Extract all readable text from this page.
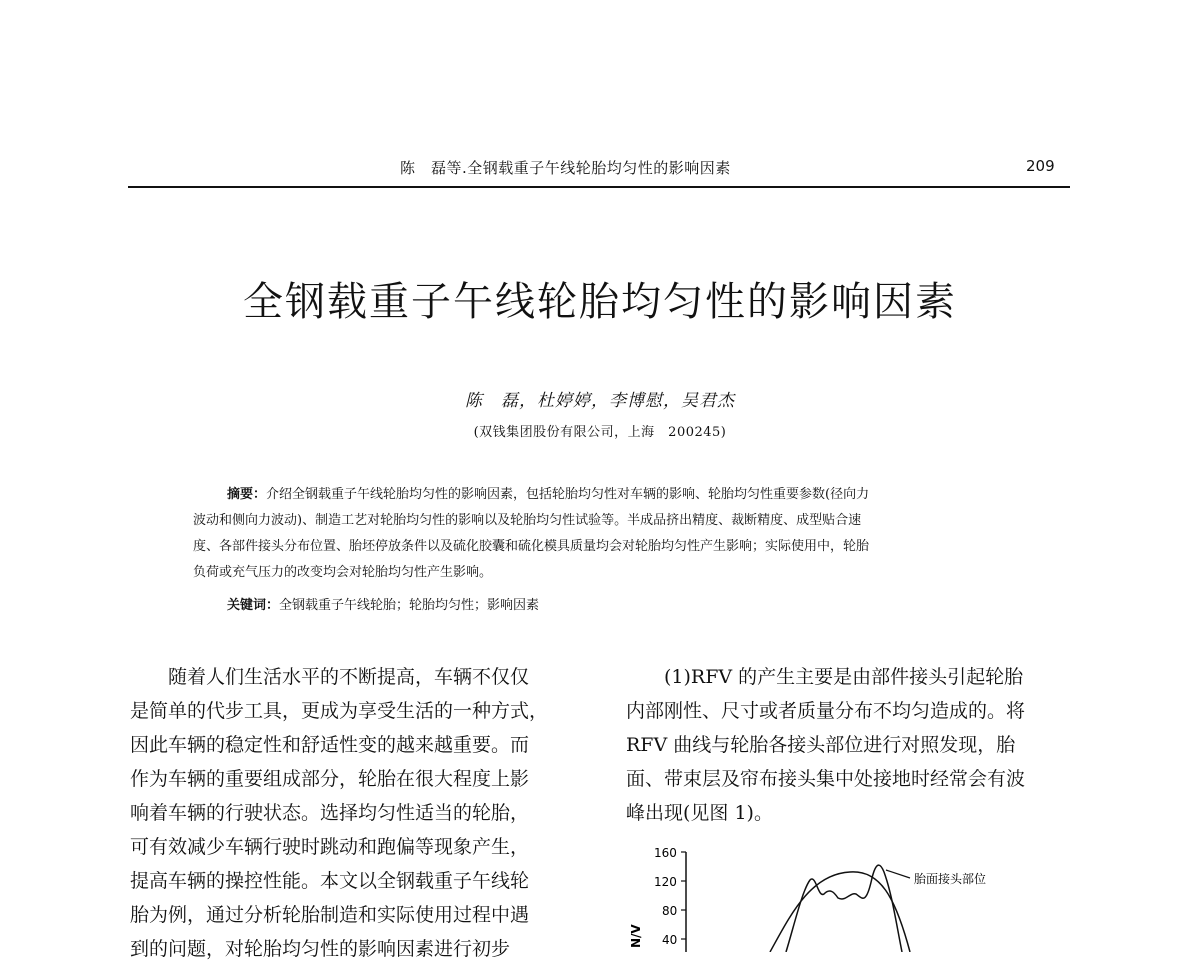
陈　磊等.全钢载重子午线轮胎均匀性的影响因素	209
全钢载重子午线轮胎均匀性的影响因素
陈　磊，杜婷婷，李博慰，吴君杰
(双钱集团股份有限公司，上海　200245)
摘要：介绍全钢载重子午线轮胎均匀性的影响因素，包括轮胎均匀性对车辆的影响、轮胎均匀性重要参数(径向力
波动和侧向力波动)、制造工艺对轮胎均匀性的影响以及轮胎均匀性试验等。半成品挤出精度、裁断精度、成型贴合速
度、各部件接头分布位置、胎坯停放条件以及硫化胶囊和硫化模具质量均会对轮胎均匀性产生影响；实际使用中，轮胎
负荷或充气压力的改变均会对轮胎均匀性产生影响。
关键词：全钢载重子午线轮胎；轮胎均匀性；影响因素
　　随着人们生活水平的不断提高，车辆不仅仅
是简单的代步工具，更成为享受生活的一种方式，
因此车辆的稳定性和舒适性变的越来越重要。而
作为车辆的重要组成部分，轮胎在很大程度上影
响着车辆的行驶状态。选择均匀性适当的轮胎，
可有效减少车辆行驶时跳动和跑偏等现象产生，
提高车辆的操控性能。本文以全钢载重子午线轮
胎为例，通过分析轮胎制造和实际使用过程中遇
到的问题，对轮胎均匀性的影响因素进行初步
　　(1)RFV 的产生主要是由部件接头引起轮胎
内部刚性、尺寸或者质量分布不均匀造成的。将
RFV 曲线与轮胎各接头部位进行对照发现，胎
面、带束层及帘布接头集中处接地时经常会有波
峰出现(见图 1)。
160
120
80
40
N/V
胎面接头部位
